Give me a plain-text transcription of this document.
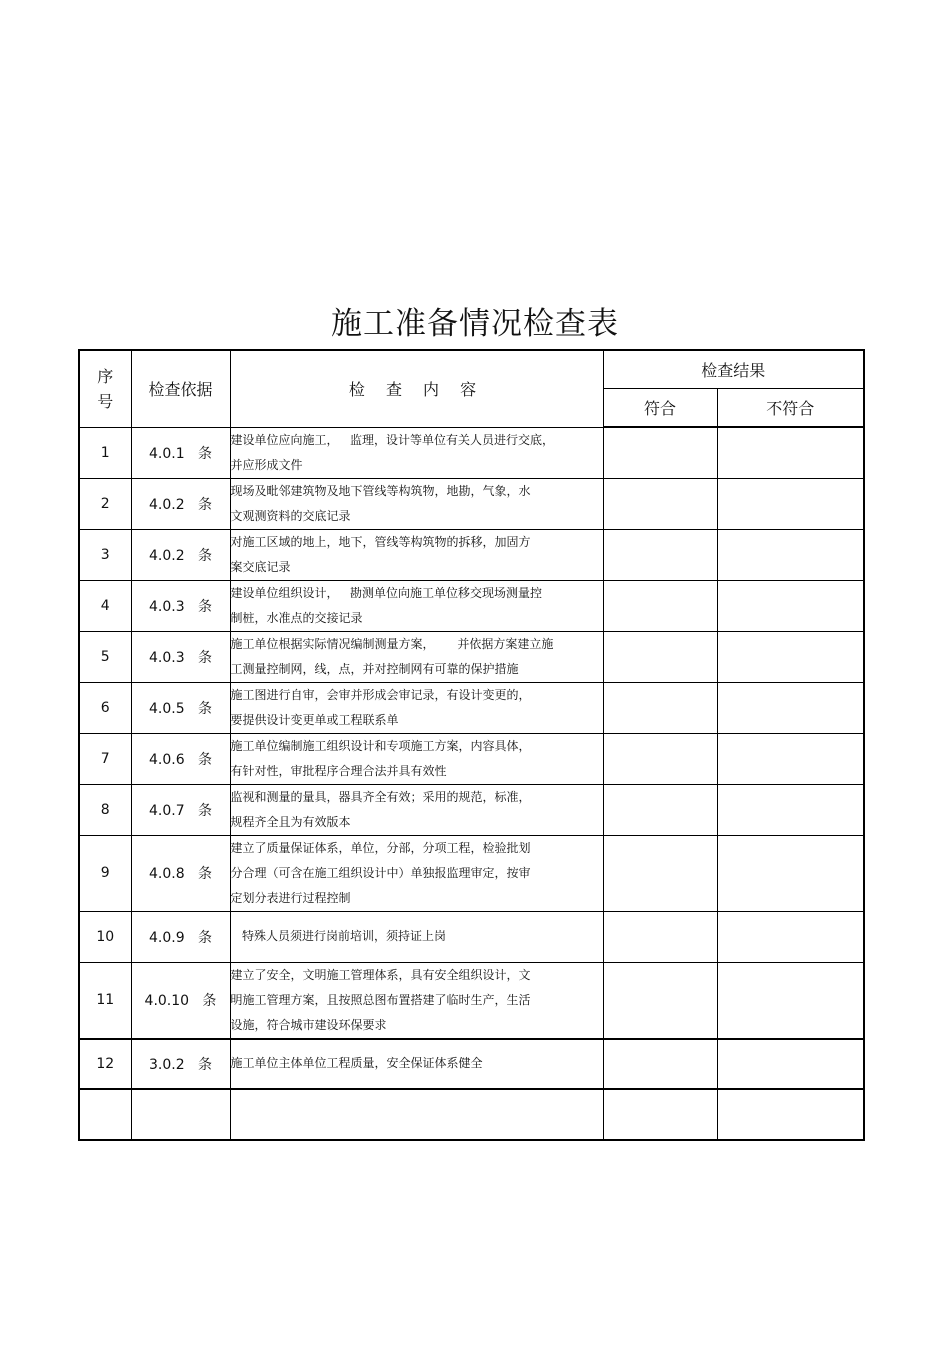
施工准备情况检查表
序号	检查依据	检 查 内 容	检查结果	
			符合	不符合
1	4.0.1   条	建设单位应向施工，   监理，设计等单位有关人员进行交底，
并应形成文件		

2	4.0.2   条	现场及毗邻建筑物及地下管线等构筑物，地勘，气象，水
文观测资料的交底记录		

3	4.0.2   条	对施工区域的地上，地下，管线等构筑物的拆移，加固方
案交底记录		

4	4.0.3   条	建设单位组织设计，   勘测单位向施工单位移交现场测量控
制桩，水准点的交接记录		

5	4.0.3   条	施工单位根据实际情况编制测量方案，      并依据方案建立施
工测量控制网，线，点，并对控制网有可靠的保护措施		

6	4.0.5   条	施工图进行自审，会审并形成会审记录，有设计变更的，
要提供设计变更单或工程联系单		

7	4.0.6   条	施工单位编制施工组织设计和专项施工方案，内容具体，
有针对性，审批程序合理合法并具有效性		

8	4.0.7   条	监视和测量的量具，器具齐全有效；采用的规范，标准，
规程齐全且为有效版本		

9	4.0.8   条	建立了质量保证体系，单位，分部，分项工程，检验批划
分合理（可含在施工组织设计中）单独报监理审定，按审
定划分表进行过程控制		

10	4.0.9   条	特殊人员须进行岗前培训，须持证上岗		

11	4.0.10   条	建立了安全，文明施工管理体系，具有安全组织设计，文
明施工管理方案，且按照总图布置搭建了临时生产，生活
设施，符合城市建设环保要求		

12	3.0.2   条	施工单位主体单位工程质量，安全保证体系健全		
